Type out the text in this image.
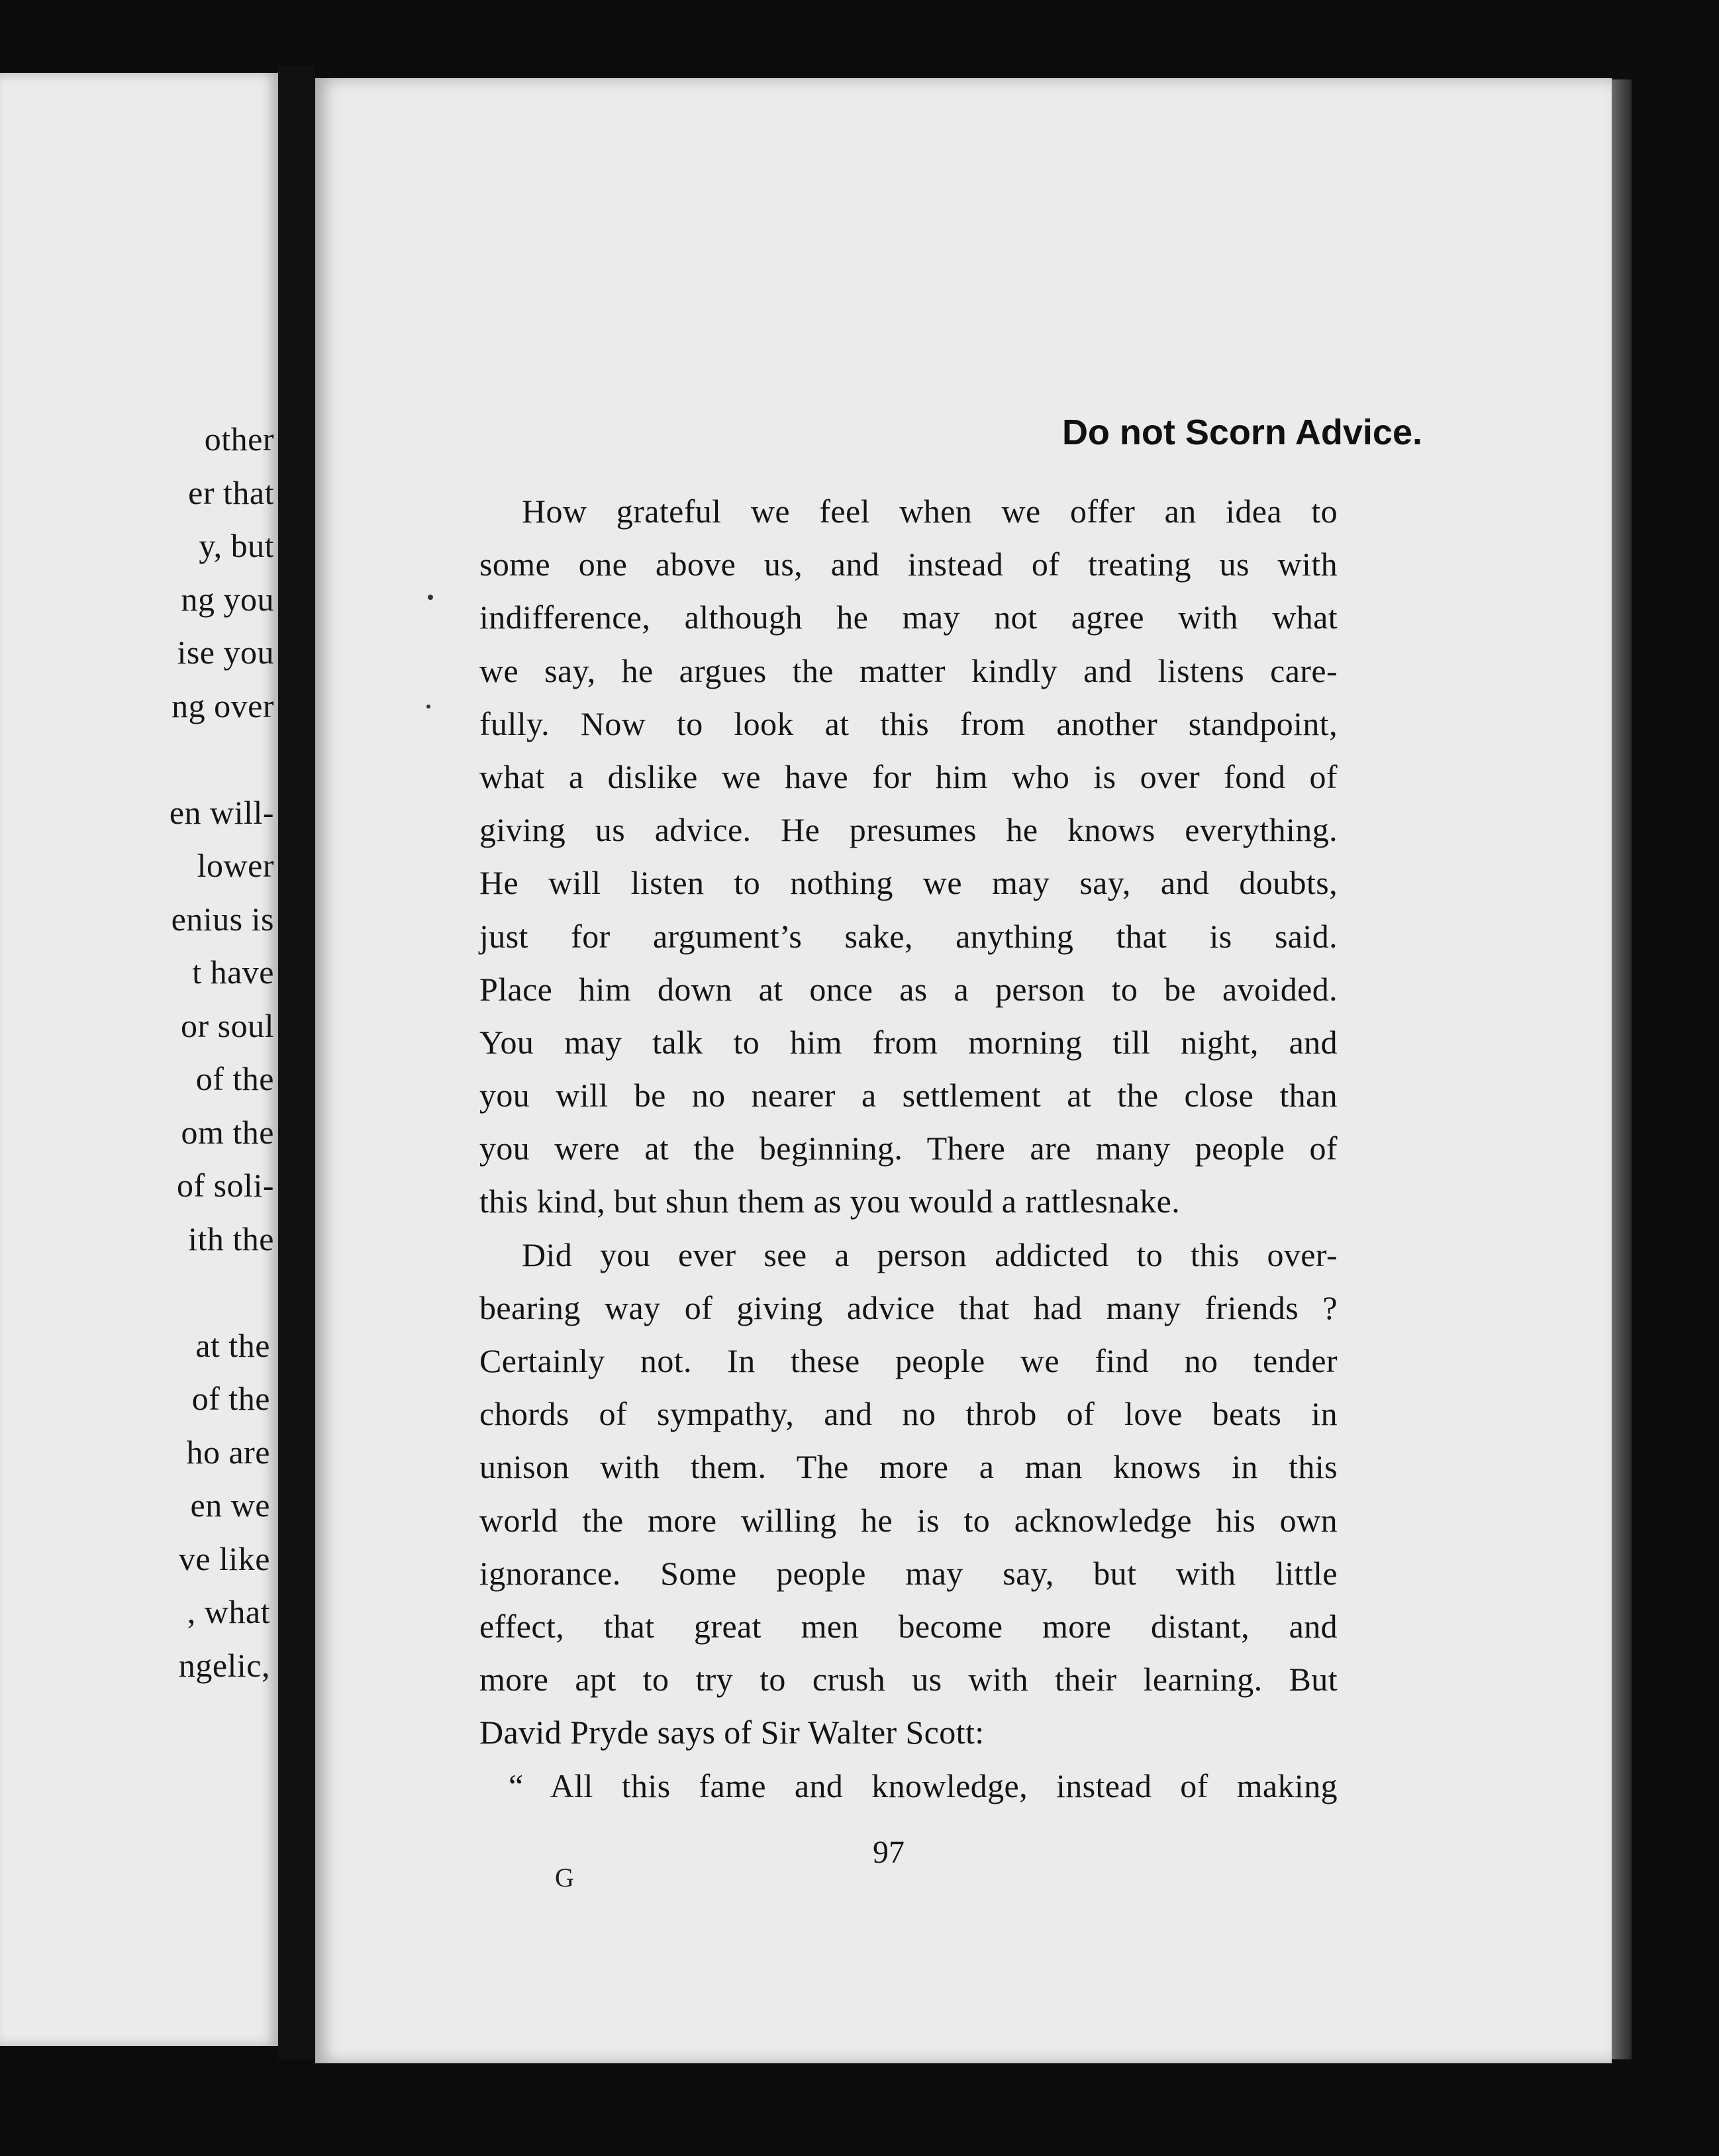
other
er that
y, but
ng you
ise you
ng over
en will-
lower
enius is
t have
or soul
of the
om the
of soli-
ith the
at the
of the
ho are
en we
ve like
, what
ngelic,
Do not Scorn Advice.
How grateful we feel when we offer an idea to
some one above us, and instead of treating us with
indifference, although he may not agree with what
we say, he argues the matter kindly and listens care-
fully. Now to look at this from another standpoint,
what a dislike we have for him who is over fond of
giving us advice. He presumes he knows everything.
He will listen to nothing we may say, and doubts,
just for argument’s sake, anything that is said.
Place him down at once as a person to be avoided.
You may talk to him from morning till night, and
you will be no nearer a settlement at the close than
you were at the beginning. There are many people of
this kind, but shun them as you would a rattlesnake.
Did you ever see a person addicted to this over-
bearing way of giving advice that had many friends ?
Certainly not. In these people we find no tender
chords of sympathy, and no throb of love beats in
unison with them. The more a man knows in this
world the more willing he is to acknowledge his own
ignorance. Some people may say, but with little
effect, that great men become more distant, and
more apt to try to crush us with their learning. But
David Pryde says of Sir Walter Scott:
“ All this fame and knowledge, instead of making
97
G
